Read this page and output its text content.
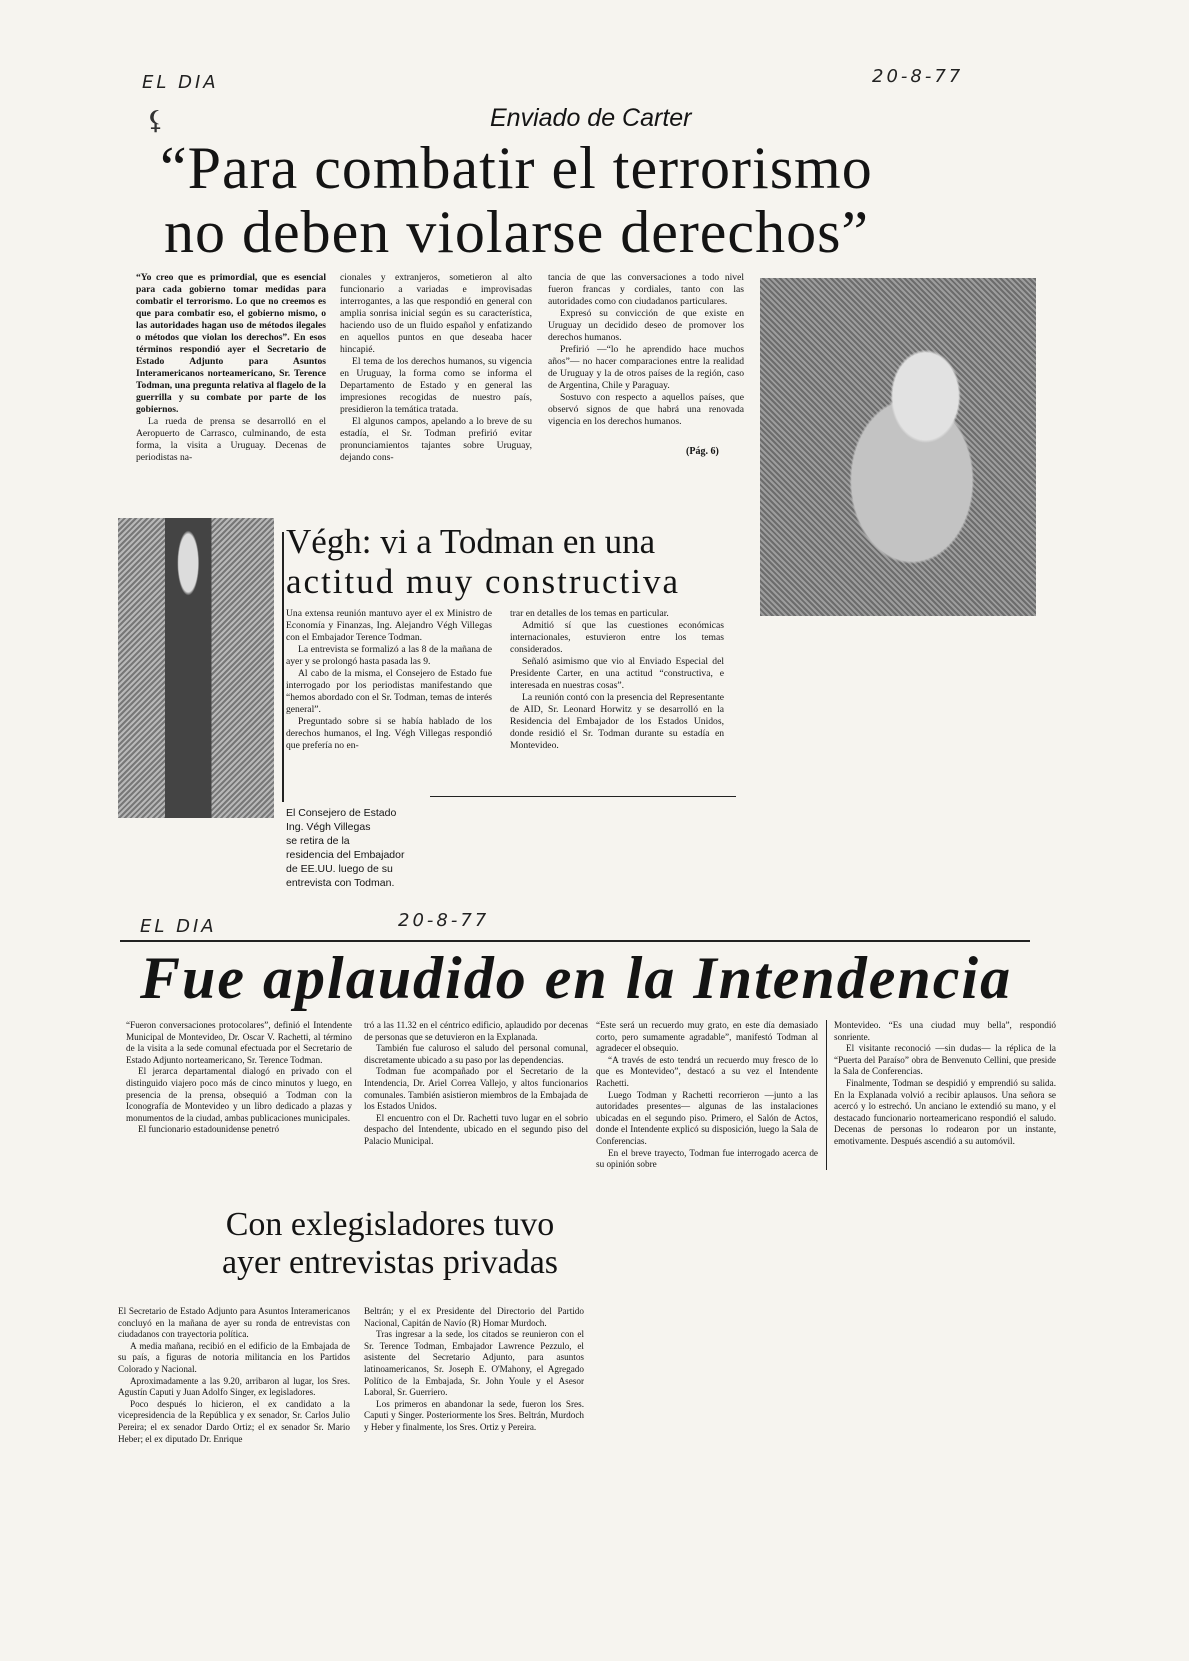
EL DIA	20-8-77
⚸	Enviado de Carter
“Para combatir el terrorismo
no deben violarse derechos”

“Yo creo que es primordial, que es esencial para cada gobierno tomar medidas para combatir el terrorismo. Lo que no creemos es que para combatir eso, el gobierno mismo, o las autoridades hagan uso de métodos ilegales o métodos que violan los derechos”. En esos términos respondió ayer el Secretario de Estado Adjunto para Asuntos Interamericanos norteamericano, Sr. Terence Todman, una pregunta relativa al flagelo de la guerrilla y su combate por parte de los gobiernos.

La rueda de prensa se desarrolló en el Aeropuerto de Carrasco, culminando, de esta forma, la visita a Uruguay. Decenas de periodistas na-

cionales y extranjeros, sometieron al alto funcionario a variadas e improvisadas interrogantes, a las que respondió en general con amplia sonrisa inicial según es su característica, haciendo uso de un fluido español y enfatizando en aquellos puntos en que deseaba hacer hincapié.

El tema de los derechos humanos, su vigencia en Uruguay, la forma como se informa el Departamento de Estado y en general las impresiones recogidas de nuestro país, presidieron la temática tratada.

El algunos campos, apelando a lo breve de su estadía, el Sr. Todman prefirió evitar pronunciamientos tajantes sobre Uruguay, dejando cons-

tancia de que las conversaciones a todo nivel fueron francas y cordiales, tanto con las autoridades como con ciudadanos particulares.

Expresó su convicción de que existe en Uruguay un decidido deseo de promover los derechos humanos.

Prefirió —“lo he aprendido hace muchos años”— no hacer comparaciones entre la realidad de Uruguay y la de otros países de la región, caso de Argentina, Chile y Paraguay.

Sostuvo con respecto a aquellos países, que observó signos de que habrá una renovada vigencia en los derechos humanos.

(Pág. 6)
Végh: vi a Todman en una
actitud muy constructiva

Una extensa reunión mantuvo ayer el ex Ministro de Economía y Finanzas, Ing. Alejandro Végh Villegas con el Embajador Terence Todman.

La entrevista se formalizó a las 8 de la mañana de ayer y se prolongó hasta pasada las 9.

Al cabo de la misma, el Consejero de Estado fue interrogado por los periodistas manifestando que “hemos abordado con el Sr. Todman, temas de interés general”.

Preguntado sobre si se había hablado de los derechos humanos, el Ing. Végh Villegas respondió que prefería no en-

trar en detalles de los temas en particular.

Admitió sí que las cuestiones económicas internacionales, estuvieron entre los temas considerados.

Señaló asimismo que vio al Enviado Especial del Presidente Carter, en una actitud “constructiva, e interesada en nuestras cosas”.

La reunión contó con la presencia del Representante de AID, Sr. Leonard Horwitz y se desarrolló en la Residencia del Embajador de los Estados Unidos, donde residió el Sr. Todman durante su estadía en Montevideo.

El Consejero de Estado
Ing. Végh Villegas
se retira de la
residencia del Embajador
de EE.UU. luego de su
entrevista con Todman.
EL DIA	20-8-77
Fue aplaudido en la Intendencia

“Fueron conversaciones protocolares”, definió el Intendente Municipal de Montevideo, Dr. Oscar V. Rachetti, al término de la visita a la sede comunal efectuada por el Secretario de Estado Adjunto norteamericano, Sr. Terence Todman.

El jerarca departamental dialogó en privado con el distinguido viajero poco más de cinco minutos y luego, en presencia de la prensa, obsequió a Todman con la Iconografía de Montevideo y un libro dedicado a plazas y monumentos de la ciudad, ambas publicaciones municipales.

El funcionario estadounidense penetró

tró a las 11.32 en el céntrico edificio, aplaudido por decenas de personas que se detuvieron en la Explanada.

También fue caluroso el saludo del personal comunal, discretamente ubicado a su paso por las dependencias.

Todman fue acompañado por el Secretario de la Intendencia, Dr. Ariel Correa Vallejo, y altos funcionarios comunales. También asistieron miembros de la Embajada de los Estados Unidos.

El encuentro con el Dr. Rachetti tuvo lugar en el sobrio despacho del Intendente, ubicado en el segundo piso del Palacio Municipal.

“Este será un recuerdo muy grato, en este día demasiado corto, pero sumamente agradable”, manifestó Todman al agradecer el obsequio.

“A través de esto tendrá un recuerdo muy fresco de lo que es Montevideo”, destacó a su vez el Intendente Rachetti.

Luego Todman y Rachetti recorrieron —junto a las autoridades presentes— algunas de las instalaciones ubicadas en el segundo piso. Primero, el Salón de Actos, donde el Intendente explicó su disposición, luego la Sala de Conferencias.

En el breve trayecto, Todman fue interrogado acerca de su opinión sobre

Montevideo. “Es una ciudad muy bella”, respondió sonriente.

El visitante reconoció —sin dudas— la réplica de la “Puerta del Paraíso” obra de Benvenuto Cellini, que preside la Sala de Conferencias.

Finalmente, Todman se despidió y emprendió su salida. En la Explanada volvió a recibir aplausos. Una señora se acercó y lo estrechó. Un anciano le extendió su mano, y el destacado funcionario norteamericano respondió el saludo. Decenas de personas lo rodearon por un instante, emotivamente. Después ascendió a su automóvil.

Con exlegisladores tuvo
ayer entrevistas privadas

El Secretario de Estado Adjunto para Asuntos Interamericanos concluyó en la mañana de ayer su ronda de entrevistas con ciudadanos con trayectoria política.

A media mañana, recibió en el edificio de la Embajada de su país, a figuras de notoria militancia en los Partidos Colorado y Nacional.

Aproximadamente a las 9.20, arribaron al lugar, los Sres. Agustín Caputi y Juan Adolfo Singer, ex legisladores.

Poco después lo hicieron, el ex candidato a la vicepresidencia de la República y ex senador, Sr. Carlos Julio Pereira; el ex senador Dardo Ortiz; el ex senador Sr. Mario Heber; el ex diputado Dr. Enrique

Beltrán; y el ex Presidente del Directorio del Partido Nacional, Capitán de Navío (R) Homar Murdoch.

Tras ingresar a la sede, los citados se reunieron con el Sr. Terence Todman, Embajador Lawrence Pezzulo, el asistente del Secretario Adjunto, para asuntos latinoamericanos, Sr. Joseph E. O'Mahony, el Agregado Político de la Embajada, Sr. John Youle y el Asesor Laboral, Sr. Guerriero.

Los primeros en abandonar la sede, fueron los Sres. Caputi y Singer. Posteriormente los Sres. Beltrán, Murdoch y Heber y finalmente, los Sres. Ortiz y Pereira.
